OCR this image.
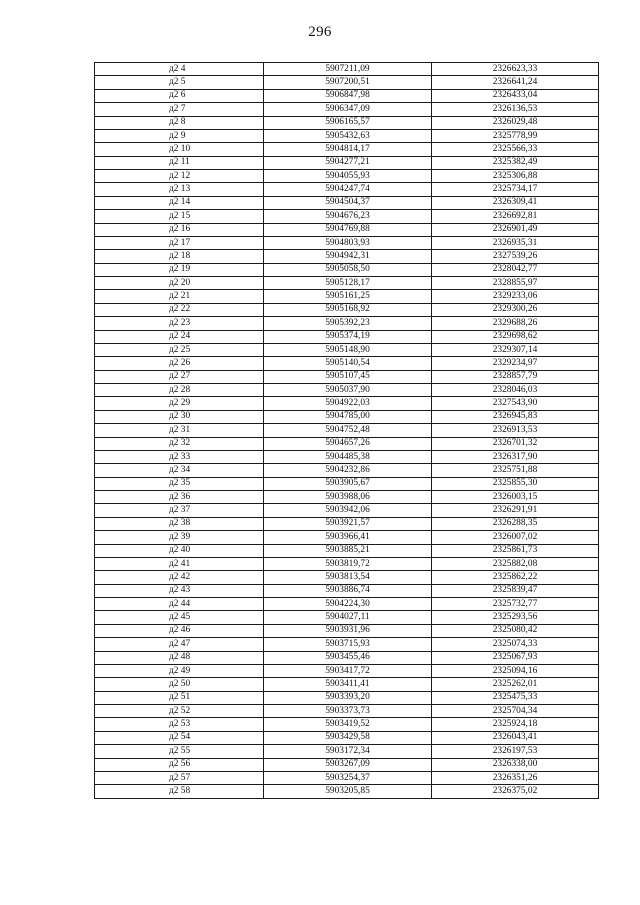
296
д2 4	5907211,09	2326623,33
д2 5	5907200,51	2326641,24
д2 6	5906847,98	2326433,04
д2 7	5906347,09	2326136,53
д2 8	5906165,57	2326029,48
д2 9	5905432,63	2325778,99
д2 10	5904814,17	2325566,33
д2 11	5904277,21	2325382,49
д2 12	5904055,93	2325306,88
д2 13	5904247,74	2325734,17
д2 14	5904504,37	2326309,41
д2 15	5904676,23	2326692,81
д2 16	5904769,88	2326901,49
д2 17	5904803,93	2326935,31
д2 18	5904942,31	2327539,26
д2 19	5905058,50	2328042,77
д2 20	5905128,17	2328855,97
д2 21	5905161,25	2329233,06
д2 22	5905168,92	2329300,26
д2 23	5905392,23	2329688,26
д2 24	5905374,19	2329698,62
д2 25	5905148,90	2329307,14
д2 26	5905140,54	2329234,97
д2 27	5905107,45	2328857,79
д2 28	5905037,90	2328046,03
д2 29	5904922,03	2327543,90
д2 30	5904785,00	2326945,83
д2 31	5904752,48	2326913,53
д2 32	5904657,26	2326701,32
д2 33	5904485,38	2326317,90
д2 34	5904232,86	2325751,88
д2 35	5903905,67	2325855,30
д2 36	5903988,06	2326003,15
д2 37	5903942,06	2326291,91
д2 38	5903921,57	2326288,35
д2 39	5903966,41	2326007,02
д2 40	5903885,21	2325861,73
д2 41	5903819,72	2325882,08
д2 42	5903813,54	2325862,22
д2 43	5903886,74	2325839,47
д2 44	5904224,30	2325732,77
д2 45	5904027,11	2325293,56
д2 46	5903931,96	2325080,42
д2 47	5903715,93	2325074,33
д2 48	5903455,46	2325067,93
д2 49	5903417,72	2325094,16
д2 50	5903411,41	2325262,01
д2 51	5903393,20	2325475,33
д2 52	5903373,73	2325704,34
д2 53	5903419,52	2325924,18
д2 54	5903429,58	2326043,41
д2 55	5903172,34	2326197,53
д2 56	5903267,09	2326338,00
д2 57	5903254,37	2326351,26
д2 58	5903205,85	2326375,02
